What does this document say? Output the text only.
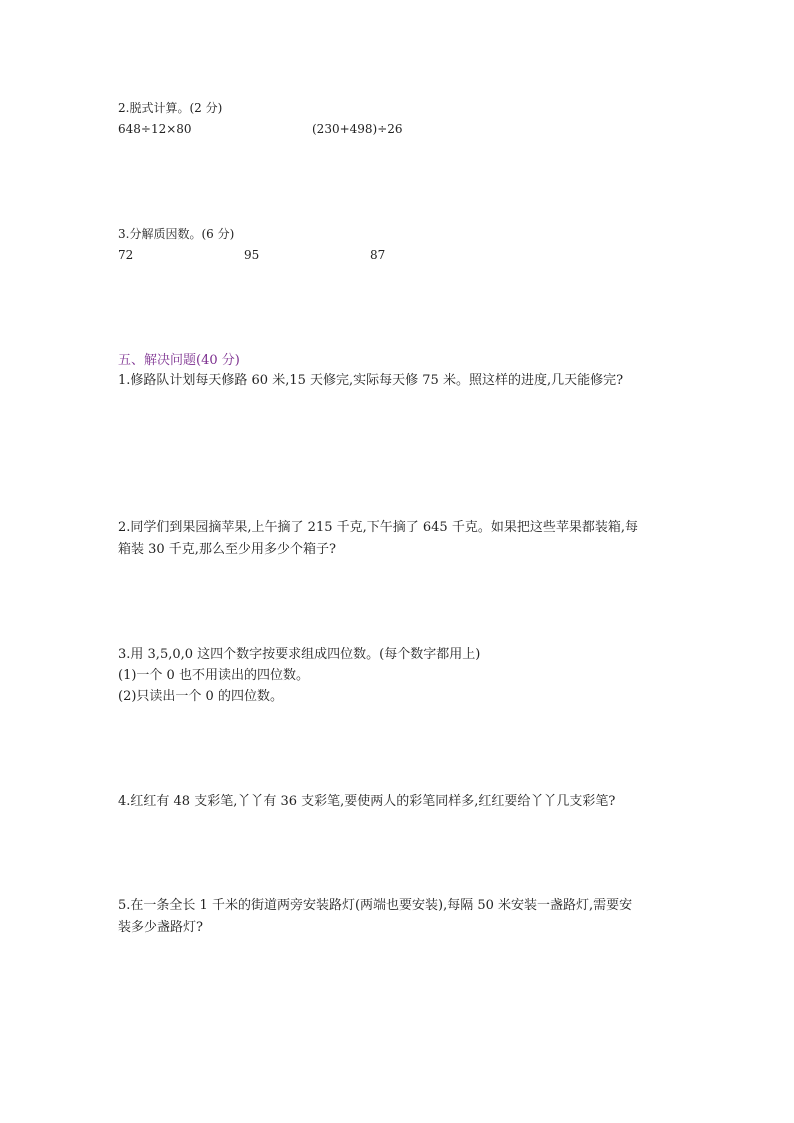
2.脱式计算。(2 分)
648÷12×80	(230+498)÷26
3.分解质因数。(6 分)
72	95	87
五、解决问题(40 分)
1.修路队计划每天修路 60 米,15 天修完,实际每天修 75 米。照这样的进度,几天能修完?
2.同学们到果园摘苹果,上午摘了 215 千克,下午摘了 645 千克。如果把这些苹果都装箱,每
箱装 30 千克,那么至少用多少个箱子?
3.用 3,5,0,0 这四个数字按要求组成四位数。(每个数字都用上)
(1)一个 0 也不用读出的四位数。
(2)只读出一个 0 的四位数。
4.红红有 48 支彩笔,丫丫有 36 支彩笔,要使两人的彩笔同样多,红红要给丫丫几支彩笔?
5.在一条全长 1 千米的街道两旁安装路灯(两端也要安装),每隔 50 米安装一盏路灯,需要安
装多少盏路灯?
